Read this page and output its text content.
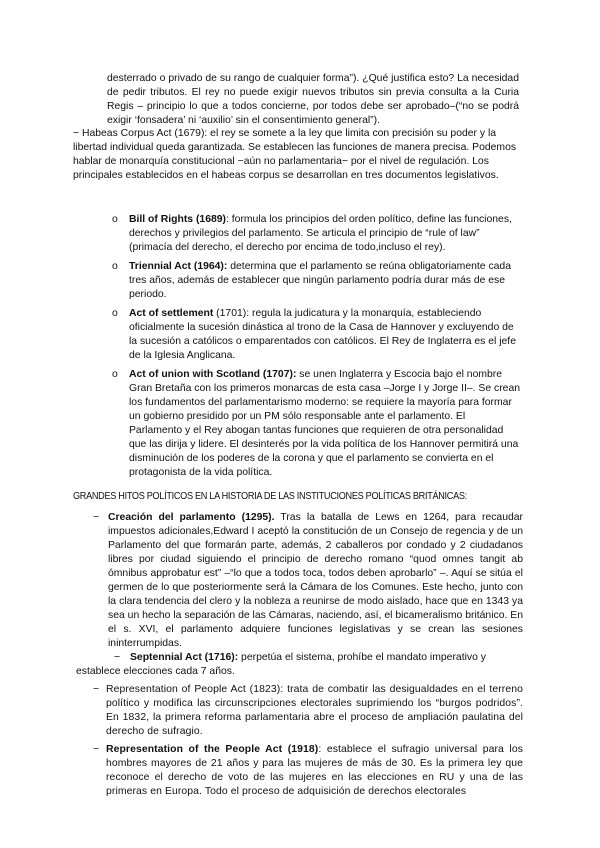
desterrado o privado de su rango de cualquier forma”). ¿Qué justifica esto? La necesidad de pedir tributos. El rey no puede exigir nuevos tributos sin previa consulta a la Curia Regis – principio lo que a todos concierne, por todos debe ser aprobado–(“no se podrá exigir ‘fonsadera’ ni ‘auxilio’ sin el consentimiento general”).

− Habeas Corpus Act (1679): el rey se somete a la ley que limita con precisión su poder y la libertad individual queda garantizada. Se establecen las funciones de manera precisa. Podemos hablar de monarquía constitucional −aún no parlamentaria− por el nivel de regulación. Los principales establecidos en el habeas corpus se desarrollan en tres documentos legislativos.

o Bill of Rights (1689): formula los principios del orden político, define las funciones, derechos y privilegios del parlamento. Se articula el principio de “rule of law” (primacía del derecho, el derecho por encima de todo,incluso el rey).

o Triennial Act (1964): determina que el parlamento se reúna obligatoriamente cada tres años, además de establecer que ningún parlamento podría durar más de ese periodo.

o Act of settlement (1701): regula la judicatura y la monarquía, estableciendo oficialmente la sucesión dinástica al trono de la Casa de Hannover y excluyendo de la sucesión a católicos o emparentados con católicos. El Rey de Inglaterra es el jefe de la Iglesia Anglicana.

o Act of union with Scotland (1707): se unen Inglaterra y Escocia bajo el nombre Gran Bretaña con los primeros monarcas de esta casa –Jorge I y Jorge II–. Se crean los fundamentos del parlamentarismo moderno: se requiere la mayoría para formar un gobierno presidido por un PM sólo responsable ante el parlamento. El Parlamento y el Rey abogan tantas funciones que requieren de otra personalidad que las dirija y lidere. El desinterés por la vida política de los Hannover permitirá una disminución de los poderes de la corona y que el parlamento se convierta en el protagonista de la vida política.

GRANDES HITOS POLÍTICOS EN LA HISTORIA DE LAS INSTITUCIONES POLÍTICAS BRITÁNICAS:
− Creación del parlamento (1295). Tras la batalla de Lews en 1264, para recaudar impuestos adicionales,Edward I aceptó la constitución de un Consejo de regencia y de un Parlamento del que formarán parte, además, 2 caballeros por condado y 2 ciudadanos libres por ciudad siguiendo el principio de derecho romano “quod omnes tangit ab ómnibus approbatur est” –“lo que a todos toca, todos deben aprobarlo” –. Aquí se sitúa el germen de lo que posteriormente será la Cámara de los Comunes. Este hecho, junto con la clara tendencia del clero y la nobleza a reunirse de modo aislado, hace que en 1343 ya sea un hecho la separación de las Cámaras, naciendo, así, el bicameralismo británico. En el s. XVI, el parlamento adquiere funciones legislativas y se crean las sesiones ininterrumpidas.

− Septennial Act (1716): perpetúa el sistema, prohíbe el mandato imperativo y

establece elecciones cada 7 años.

− Representation of People Act (1823): trata de combatir las desigualdades en el terreno político y modifica las circunscripciones electorales suprimiendo los “burgos podridos”. En 1832, la primera reforma parlamentaria abre el proceso de ampliación paulatina del derecho de sufragio.

− Representation of the People Act (1918): establece el sufragio universal para los hombres mayores de 21 años y para las mujeres de más de 30. Es la primera ley que reconoce el derecho de voto de las mujeres en las elecciones en RU y una de las primeras en Europa. Todo el proceso de adquisición de derechos electorales
